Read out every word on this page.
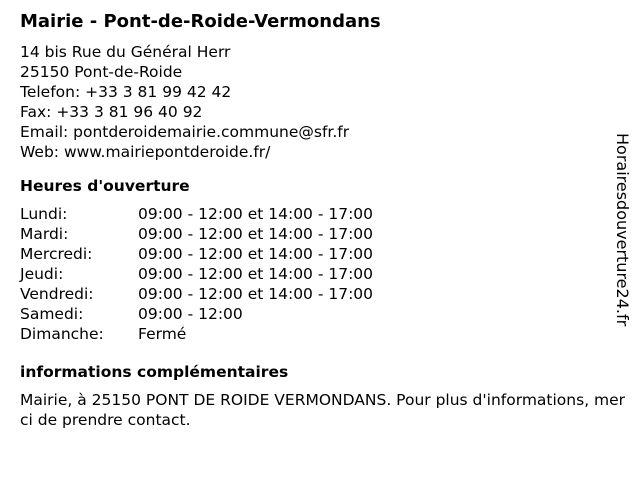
Mairie - Pont-de-Roide-Vermondans
14 bis Rue du Général Herr
25150 Pont-de-Roide
Telefon: +33 3 81 99 42 42
Fax: +33 3 81 96 40 92
Email: pontderoidemairie.commune@sfr.fr
Web: www.mairiepontderoide.fr/
Heures d'ouverture
Lundi:	09:00 - 12:00 et 14:00 - 17:00
Mardi:	09:00 - 12:00 et 14:00 - 17:00
Mercredi:	09:00 - 12:00 et 14:00 - 17:00
Jeudi:	09:00 - 12:00 et 14:00 - 17:00
Vendredi:	09:00 - 12:00 et 14:00 - 17:00
Samedi:	09:00 - 12:00
Dimanche:	Fermé
informations complémentaires
Mairie, à 25150 PONT DE ROIDE VERMONDANS. Pour plus d'informations, merci de prendre contact.
Horairesdouverture24.fr
